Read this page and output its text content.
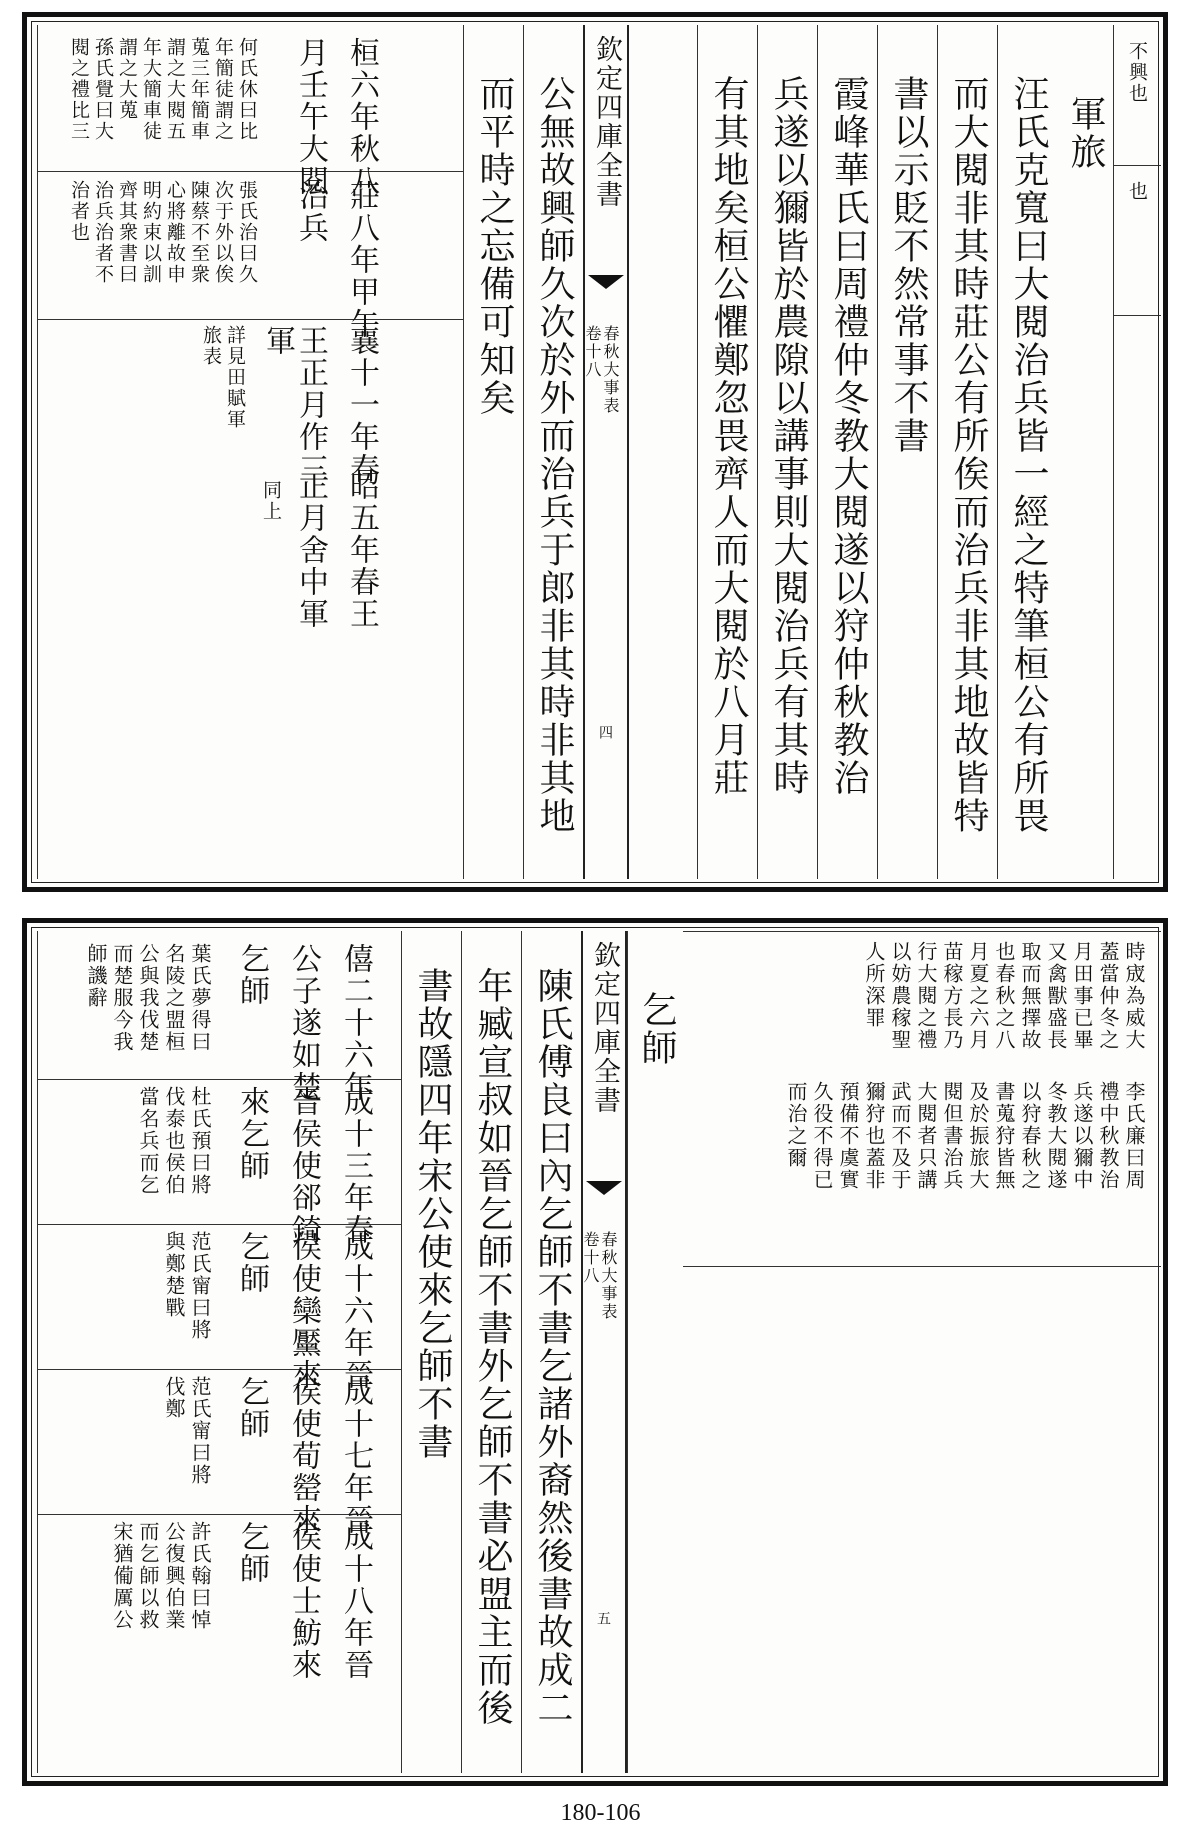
不興也
也
軍旅
汪氏克寬曰大閱治兵皆一經之特筆桓公有所畏
而大閱非其時莊公有所俟而治兵非其地故皆特
書以示貶不然常事不書
霞峰華氏曰周禮仲冬教大閱遂以狩仲秋教治
兵遂以獮皆於農隙以講事則大閱治兵有其時
有其地矣桓公懼鄭忽畏齊人而大閱於八月莊
欽定四庫全書
春秋大事表
卷十八
四
公無故興師久次於外而治兵于郎非其時非其地
而平時之忘備可知矣
桓六年秋八
莊八年甲午
襄十一年春
昭五年春王
月壬午大閱
治兵
王正月作三
正月舍中軍
同上
何氏休曰比
年簡徒謂之
蒐三年簡車
謂之大閱五
年大簡車徒
謂之大蒐
孫氏覺曰大
閱之禮比三
張氏治曰久
次于外以俟
陳蔡不至衆
心將離故申
明約束以訓
齊其衆書曰
治兵治者不
治者也
軍
詳見田賦軍
旅表
時宬為威大
蓋當仲冬之
月田事已畢
又禽獸盛長
取而無擇故
也春秋之八
月夏之六月
苗稼方長乃
行大閱之禮
以妨農稼聖
人所深罪
李氏廉曰周
禮中秋教治
兵遂以獮中
冬教大閱遂
以狩春秋之
書蒐狩皆無
及於振旅大
閱但書治兵
大閱者只講
武而不及于
獮狩也蓋非
預備不虞實
久役不得已
而治之爾
乞師
欽定四庫全書
春秋大事表
卷十八
五
陳氏傅良曰內乞師不書乞諸外裔然後書故成二
年臧宣叔如晉乞師不書外乞師不書必盟主而後
書故隱四年宋公使來乞師不書
僖二十六年
公子遂如楚
乞師
葉氏夢得曰
名陵之盟桓
公與我伐楚
而楚服今我
師譏辭
成十三年春
晉侯使郤錡
來乞師
杜氏預曰將
伐泰也侯伯
當名兵而乞
成十六年晉
侯使欒黶來
乞師
范氏甯曰將
與鄭楚戰
成十七年晉
侯使荀罃來
乞師
范氏甯曰將
伐鄭
成十八年晉
侯使士魴來
乞師
許氏翰曰悼
公復興伯業
而乞師以救
宋猶僃厲公
180-106
